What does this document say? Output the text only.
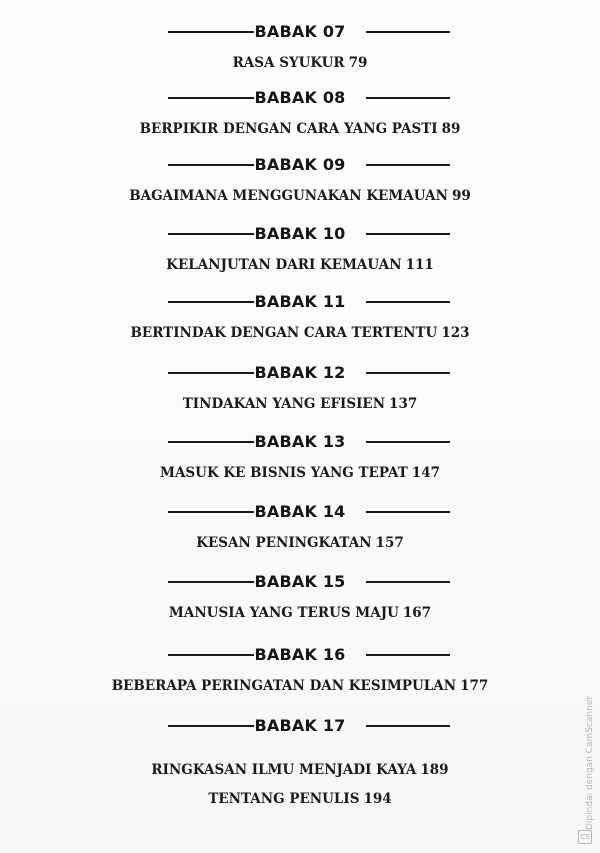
BABAK 07
RASA SYUKUR 79
BABAK 08
BERPIKIR DENGAN CARA YANG PASTI 89
BABAK 09
BAGAIMANA MENGGUNAKAN KEMAUAN 99
BABAK 10
KELANJUTAN DARI KEMAUAN 111
BABAK 11
BERTINDAK DENGAN CARA TERTENTU 123
BABAK 12
TINDAKAN YANG EFISIEN 137
BABAK 13
MASUK KE BISNIS YANG TEPAT 147
BABAK 14
KESAN PENINGKATAN 157
BABAK 15
MANUSIA YANG TERUS MAJU 167
BABAK 16
BEBERAPA PERINGATAN DAN KESIMPULAN 177
BABAK 17
RINGKASAN ILMU MENJADI KAYA 189
TENTANG PENULIS 194	Dipindai dengan CamScanner
CS
